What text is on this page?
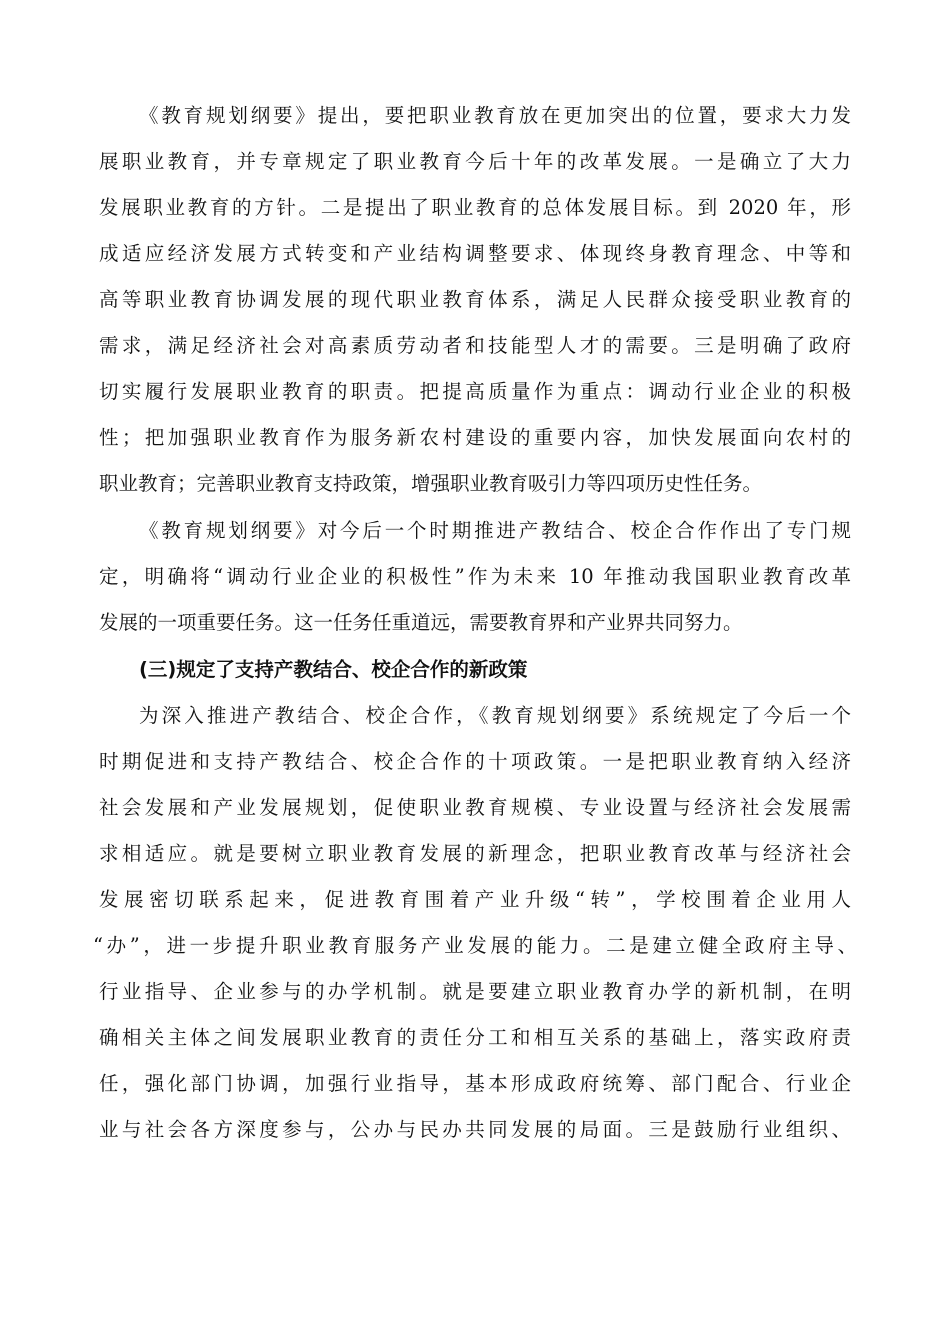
《教育规划纲要》提出，要把职业教育放在更加突出的位置，要求大力发
展职业教育，并专章规定了职业教育今后十年的改革发展。一是确立了大力
发展职业教育的方针。二是提出了职业教育的总体发展目标。到 2020 年，形
成适应经济发展方式转变和产业结构调整要求、体现终身教育理念、中等和
高等职业教育协调发展的现代职业教育体系，满足人民群众接受职业教育的
需求，满足经济社会对高素质劳动者和技能型人才的需要。三是明确了政府
切实履行发展职业教育的职责。把提高质量作为重点：调动行业企业的积极
性；把加强职业教育作为服务新农村建设的重要内容，加快发展面向农村的
职业教育；完善职业教育支持政策，增强职业教育吸引力等四项历史性任务。
《教育规划纲要》对今后一个时期推进产教结合、校企合作作出了专门规
定，明确将“调动行业企业的积极性”作为未来 10 年推动我国职业教育改革
发展的一项重要任务。这一任务任重道远，需要教育界和产业界共同努力。
(三)规定了支持产教结合、校企合作的新政策
为深入推进产教结合、校企合作，《教育规划纲要》系统规定了今后一个
时期促进和支持产教结合、校企合作的十项政策。一是把职业教育纳入经济
社会发展和产业发展规划，促使职业教育规模、专业设置与经济社会发展需
求相适应。就是要树立职业教育发展的新理念，把职业教育改革与经济社会
发展密切联系起来，促进教育围着产业升级“转”，学校围着企业用人
“办”，进一步提升职业教育服务产业发展的能力。二是建立健全政府主导、
行业指导、企业参与的办学机制。就是要建立职业教育办学的新机制，在明
确相关主体之间发展职业教育的责任分工和相互关系的基础上，落实政府责
任，强化部门协调，加强行业指导，基本形成政府统筹、部门配合、行业企
业与社会各方深度参与，公办与民办共同发展的局面。三是鼓励行业组织、
